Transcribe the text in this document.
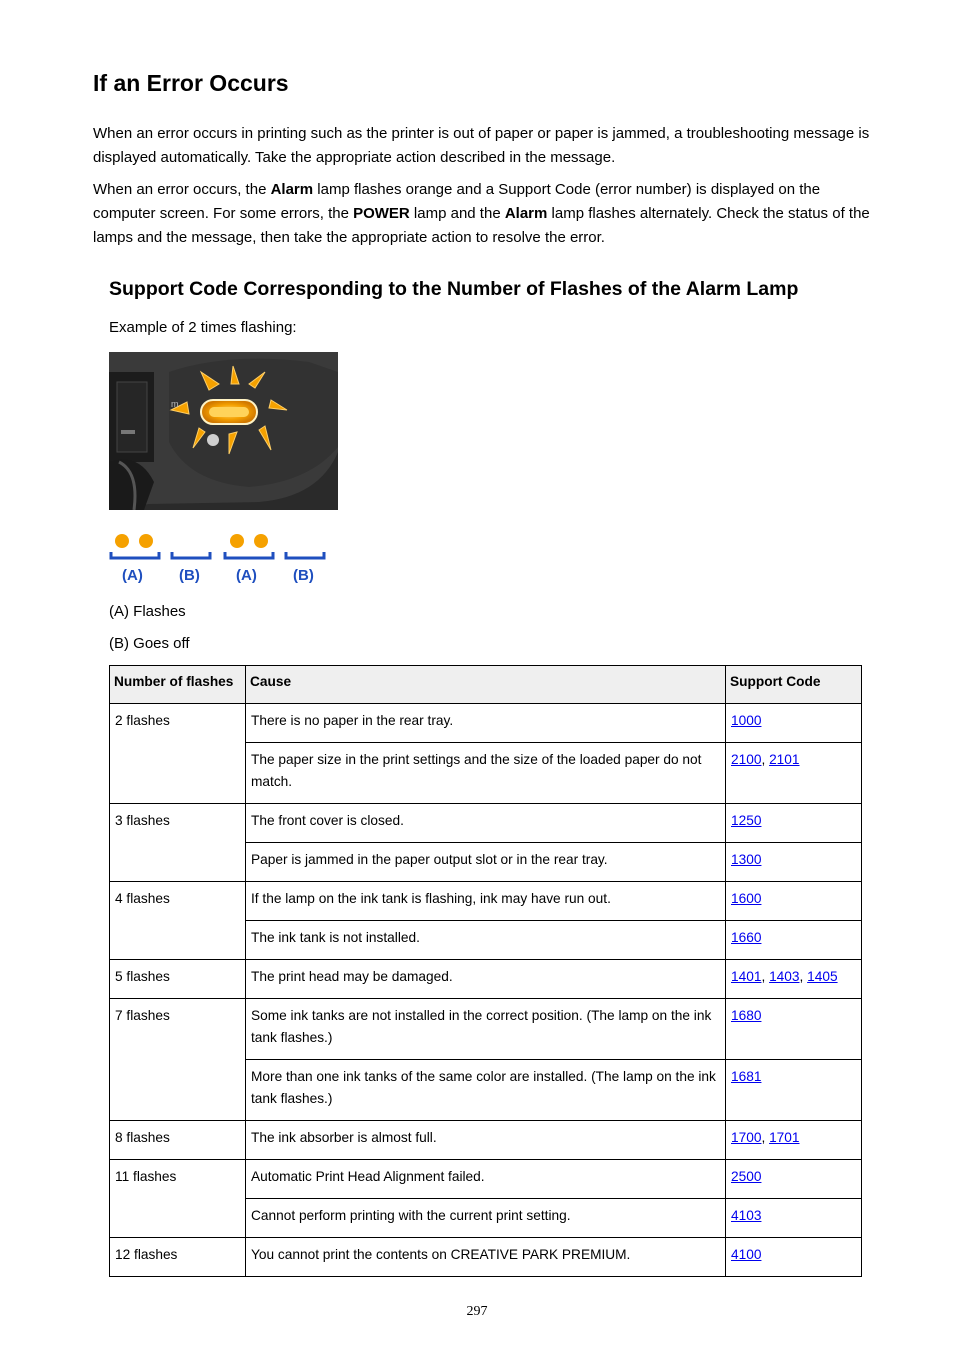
If an Error Occurs

When an error occurs in printing such as the printer is out of paper or paper is jammed, a troubleshooting message is displayed automatically. Take the appropriate action described in the message.

When an error occurs, the Alarm lamp flashes orange and a Support Code (error number) is displayed on the computer screen. For some errors, the POWER lamp and the Alarm lamp flashes alternately. Check the status of the lamps and the message, then take the appropriate action to resolve the error.

Support Code Corresponding to the Number of Flashes of the Alarm Lamp

Example of 2 times flashing:

m
(A) (B) (A) (B)

(A) Flashes

(B) Goes off

Number of flashes	Cause	Support Code
2 flashes	There is no paper in the rear tray.	1000
	The paper size in the print settings and the size of the loaded paper do not match.	2100, 2101
3 flashes	The front cover is closed.	1250
	Paper is jammed in the paper output slot or in the rear tray.	1300
4 flashes	If the lamp on the ink tank is flashing, ink may have run out.	1600
	The ink tank is not installed.	1660
5 flashes	The print head may be damaged.	1401, 1403, 1405
7 flashes	Some ink tanks are not installed in the correct position. (The lamp on the ink tank flashes.)	1680
	More than one ink tanks of the same color are installed. (The lamp on the ink tank flashes.)	1681
8 flashes	The ink absorber is almost full.	1700, 1701
11 flashes	Automatic Print Head Alignment failed.	2500
	Cannot perform printing with the current print setting.	4103
12 flashes	You cannot print the contents on CREATIVE PARK PREMIUM.	4100
297
